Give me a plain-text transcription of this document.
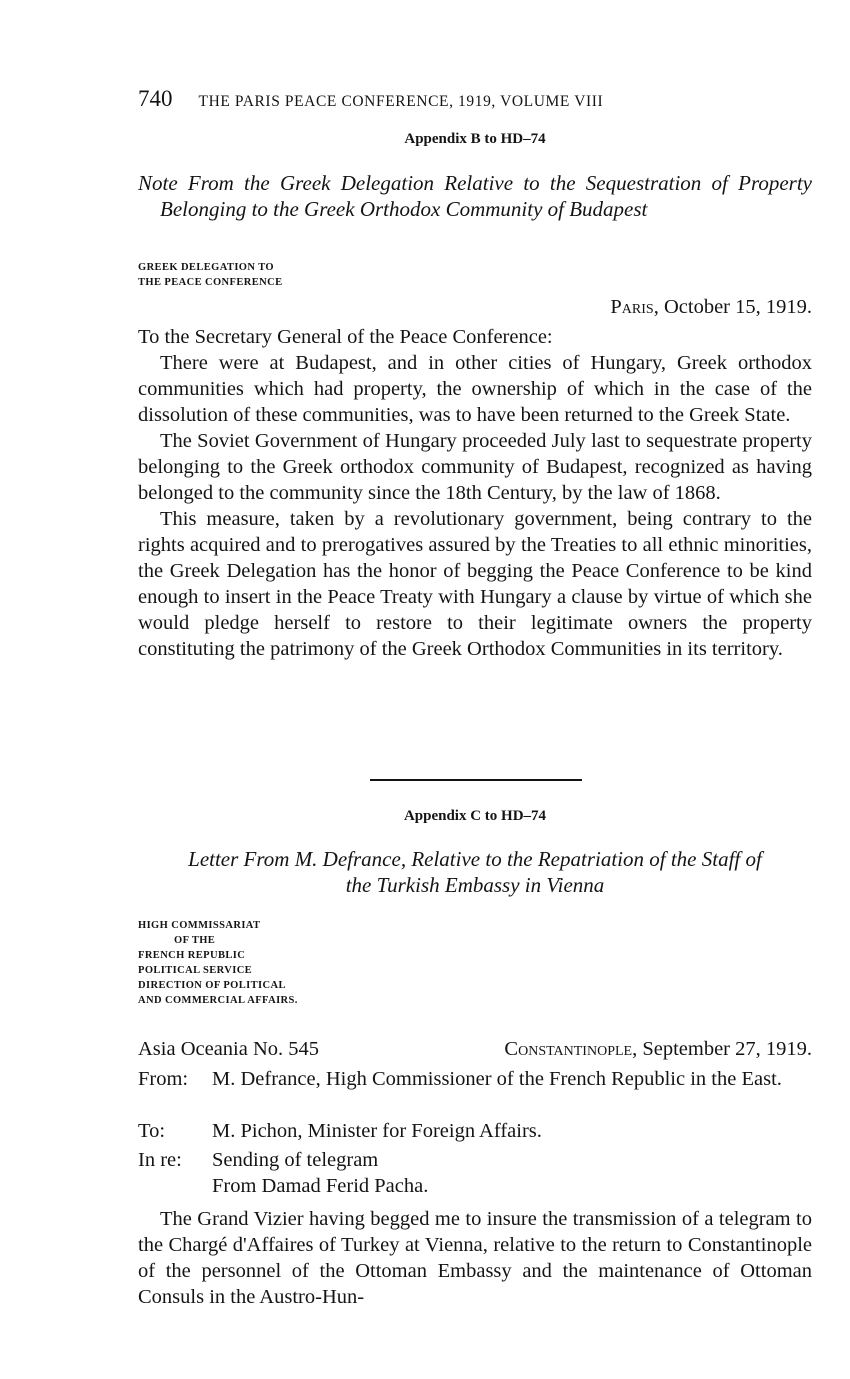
740 THE PARIS PEACE CONFERENCE, 1919, VOLUME VIII
Appendix B to HD–74

Note From the Greek Delegation Relative to the Sequestration of Property Belonging to the Greek Orthodox Community of Budapest

GREEK DELEGATION TO
THE PEACE CONFERENCE
Paris, October 15, 1919.

To the Secretary General of the Peace Conference:

There were at Budapest, and in other cities of Hungary, Greek orthodox communities which had property, the ownership of which in the case of the dissolution of these communities, was to have been returned to the Greek State.

The Soviet Government of Hungary proceeded July last to sequestrate property belonging to the Greek orthodox community of Budapest, recognized as having belonged to the community since the 18th Century, by the law of 1868.

This measure, taken by a revolutionary government, being contrary to the rights acquired and to prerogatives assured by the Treaties to all ethnic minorities, the Greek Delegation has the honor of begging the Peace Conference to be kind enough to insert in the Peace Treaty with Hungary a clause by virtue of which she would pledge herself to restore to their legitimate owners the property constituting the patrimony of the Greek Orthodox Communities in its territory.

Appendix C to HD–74

Letter From M. Defrance, Relative to the Repatriation of the Staff of

the Turkish Embassy in Vienna

HIGH COMMISSARIAT
OF THE
FRENCH REPUBLIC
POLITICAL SERVICE
DIRECTION OF POLITICAL
AND COMMERCIAL AFFAIRS.
Asia Oceania No. 545	Constantinople, September 27, 1919.
From: M. Defrance, High Commissioner of the French Republic in the East.
To: M. Pichon, Minister for Foreign Affairs.
In re: Sending of telegram
From Damad Ferid Pacha.

The Grand Vizier having begged me to insure the transmission of a telegram to the Chargé d'Affaires of Turkey at Vienna, relative to the return to Constantinople of the personnel of the Ottoman Embassy and the maintenance of Ottoman Consuls in the Austro-Hun-
